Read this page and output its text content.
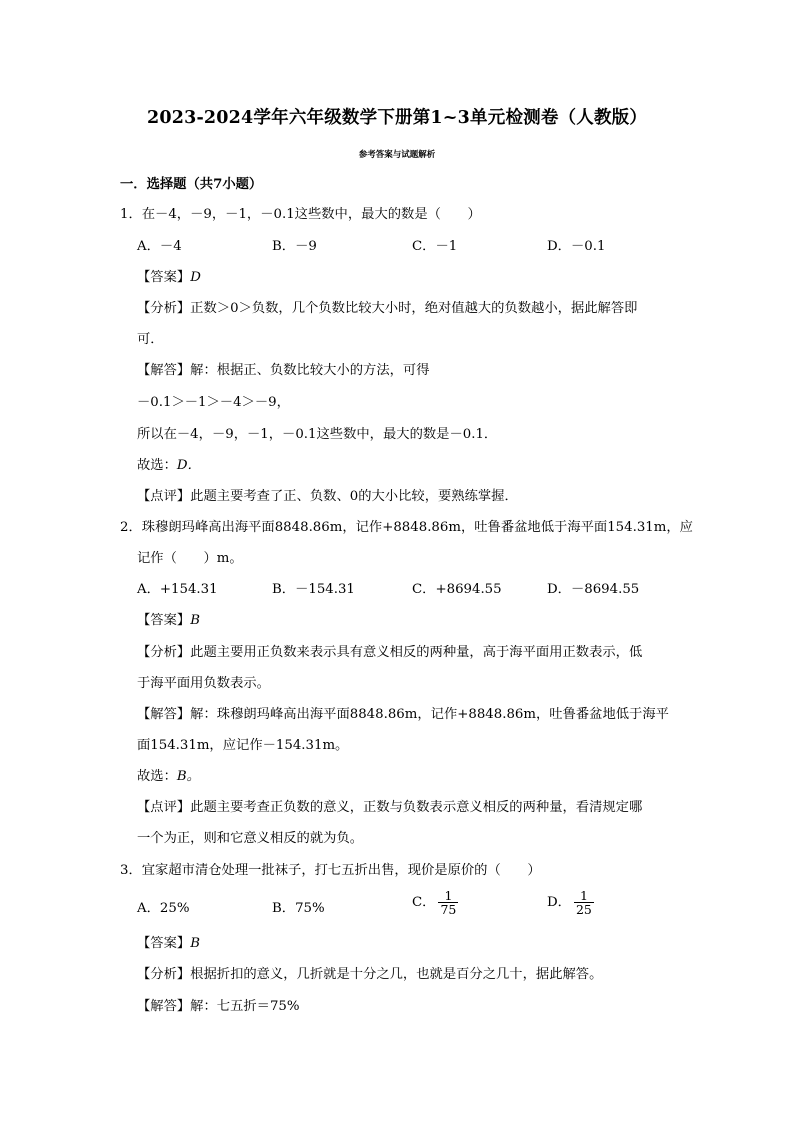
2023-2024学年六年级数学下册第1~3单元检测卷（人教版）
参考答案与试题解析
一．选择题（共7小题）
1．在－4，－9，－1，－0.1这些数中，最大的数是（　　）
A．－4	B．－9	C．－1	D．－0.1
【答案】D
【分析】正数＞0＞负数，几个负数比较大小时，绝对值越大的负数越小，据此解答即
可．
【解答】解：根据正、负数比较大小的方法，可得
－0.1＞－1＞－4＞－9，
所以在－4，－9，－1，－0.1这些数中，最大的数是－0.1．
故选：D．
【点评】此题主要考查了正、负数、0的大小比较，要熟练掌握．
2．珠穆朗玛峰高出海平面8848.86m，记作+8848.86m，吐鲁番盆地低于海平面154.31m，应
记作（　　）m。
A．+154.31	B．－154.31	C．+8694.55	D．－8694.55
【答案】B
【分析】此题主要用正负数来表示具有意义相反的两种量，高于海平面用正数表示，低
于海平面用负数表示。
【解答】解：珠穆朗玛峰高出海平面8848.86m，记作+8848.86m，吐鲁番盆地低于海平
面154.31m，应记作－154.31m。
故选：B。
【点评】此题主要考查正负数的意义，正数与负数表示意义相反的两种量，看清规定哪
一个为正，则和它意义相反的就为负。
3．宜家超市清仓处理一批袜子，打七五折出售，现价是原价的（　　）
A．25%	B．75%	C． $\frac{1}{75}$	D． $\frac{1}{25}$
【答案】B
【分析】根据折扣的意义，几折就是十分之几，也就是百分之几十，据此解答。
【解答】解：七五折＝75%
